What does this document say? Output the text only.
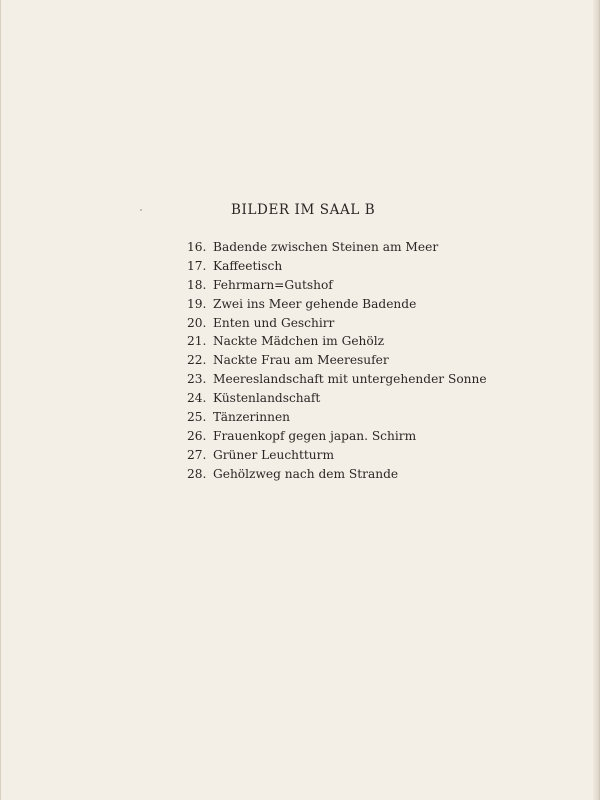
BILDER IM SAAL B
16. Badende zwischen Steinen am Meer
17. Kaffeetisch
18. Fehrmarn=Gutshof
19. Zwei ins Meer gehende Badende
20. Enten und Geschirr
21. Nackte Mädchen im Gehölz
22. Nackte Frau am Meeresufer
23. Meereslandschaft mit untergehender Sonne
24. Küstenlandschaft
25. Tänzerinnen
26. Frauenkopf gegen japan. Schirm
27. Grüner Leuchtturm
28. Gehölzweg nach dem Strande
